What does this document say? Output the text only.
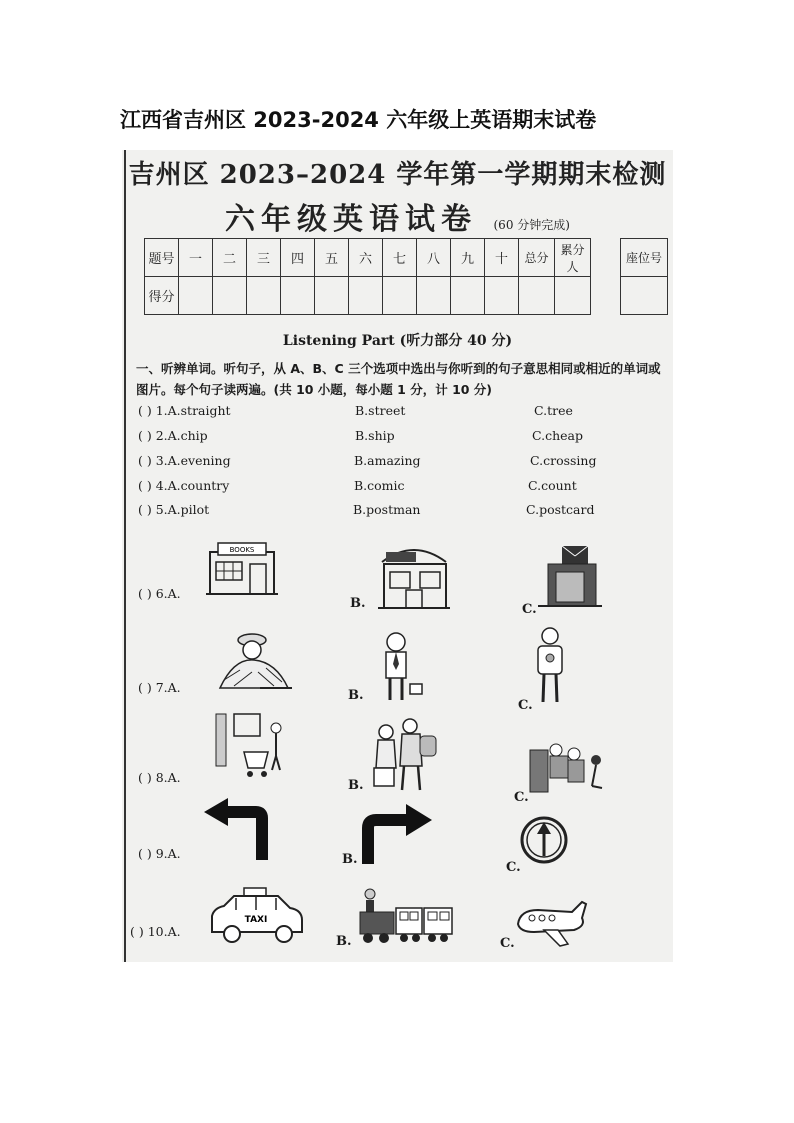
江西省吉州区 2023-2024 六年级上英语期末试卷
吉州区 2023–2024 学年第一学期期末检测
六年级英语试卷 (60 分钟完成)
题号	一	二	三	四	五	六	七	八	九	十	总分	累分人
得分												
座位号

Listening Part (听力部分 40 分)
一、听辨单词。听句子，从 A、B、C 三个选项中选出与你听到的句子意思相同或相近的单词或图片。每个句子读两遍。(共 10 小题，每小题 1 分，计 10 分)
( ) 1.A.straight	B.street	C.tree
( ) 2.A.chip	B.ship	C.cheap
( ) 3.A.evening	B.amazing	C.crossing
( ) 4.A.country	B.comic	C.count
( ) 5.A.pilot	B.postman	C.postcard
( ) 6.A.
B.	C.
BOOKS
( ) 7.A.
B.
C.
( ) 8.A.
B.
C.
( ) 9.A.	B.
C.
( ) 10.A.
B.	C.
TAXI
